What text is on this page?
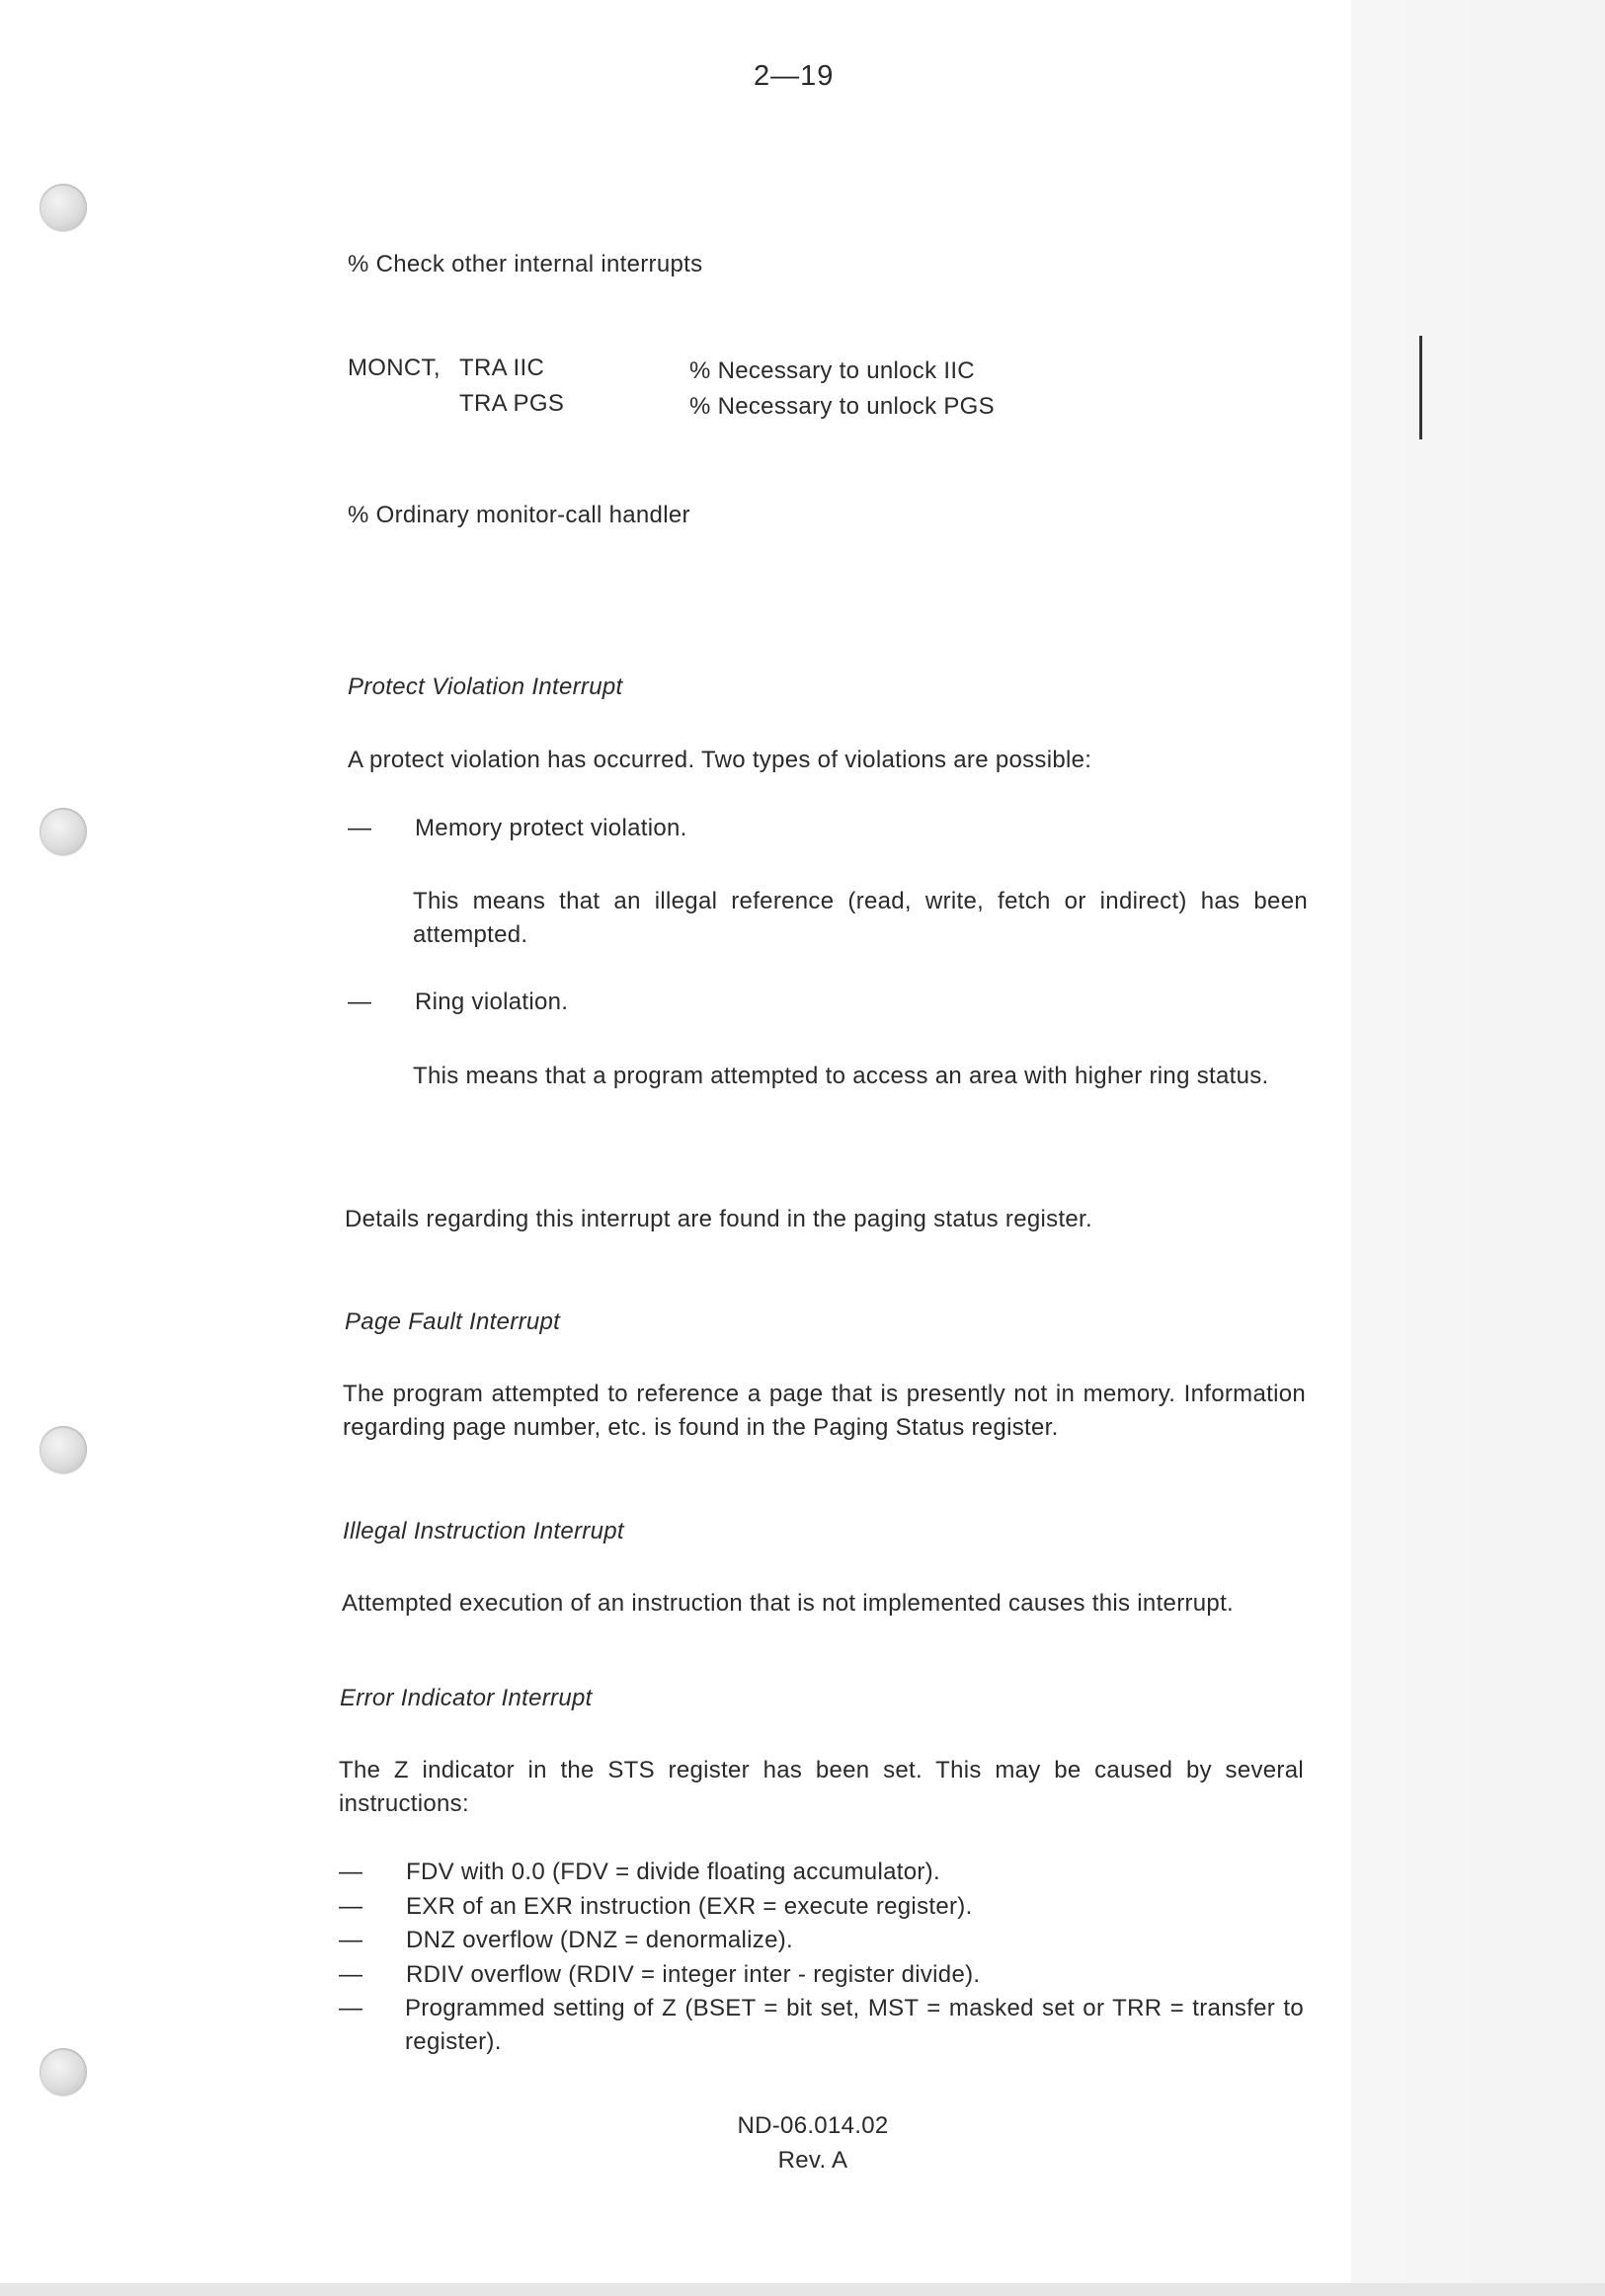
2—19
% Check other internal interrupts
MONCT, TRA IIC	% Necessary to unlock IIC
TRA PGS	% Necessary to unlock PGS
% Ordinary monitor-call handler
Protect Violation Interrupt
A protect violation has occurred. Two types of violations are possible:
— Memory protect violation.
This means that an illegal reference (read, write, fetch or indirect) has been attempted.
— Ring violation.
This means that a program attempted to access an area with higher ring status.
Details regarding this interrupt are found in the paging status register.
Page Fault Interrupt
The program attempted to reference a page that is presently not in memory. Information regarding page number, etc. is found in the Paging Status register.
Illegal Instruction Interrupt
Attempted execution of an instruction that is not implemented causes this interrupt.
Error Indicator Interrupt
The Z indicator in the STS register has been set. This may be caused by several instructions:
— FDV with 0.0 (FDV = divide floating accumulator).
— EXR of an EXR instruction (EXR = execute register).
— DNZ overflow (DNZ = denormalize).
— RDIV overflow (RDIV = integer inter - register divide).
— Programmed setting of Z (BSET = bit set, MST = masked set or TRR = transfer to register).
ND-06.014.02
Rev. A
